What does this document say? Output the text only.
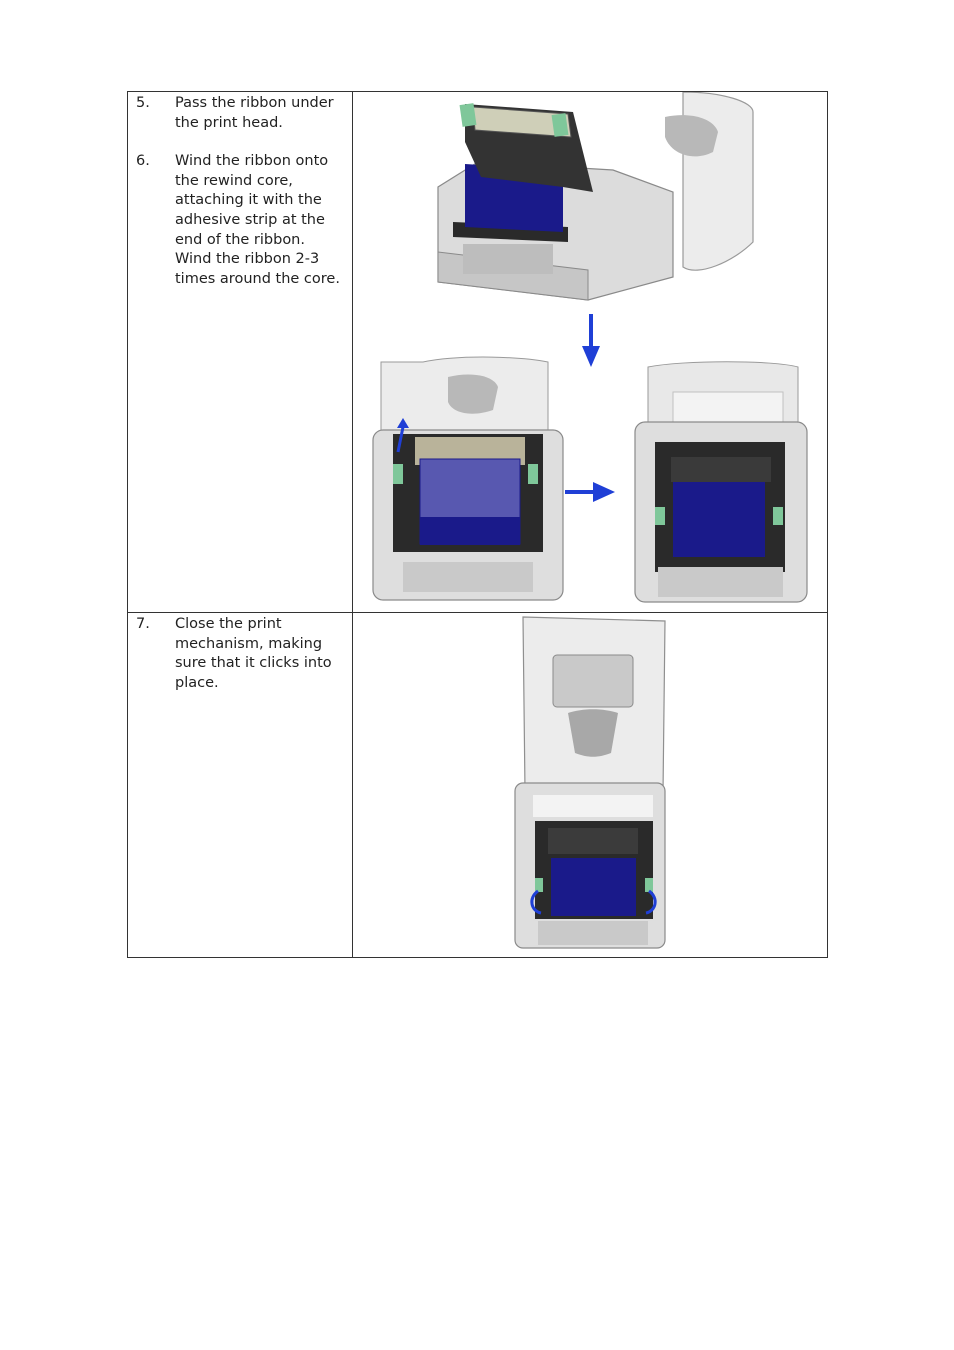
5. Pass the ribbon under the print head.
6. Wind the ribbon onto the rewind core, attaching it with the adhesive strip at the end of the ribbon. Wind the ribbon 2-3 times around the core.

7. Close the print mechanism, making sure that it clicks into place.
